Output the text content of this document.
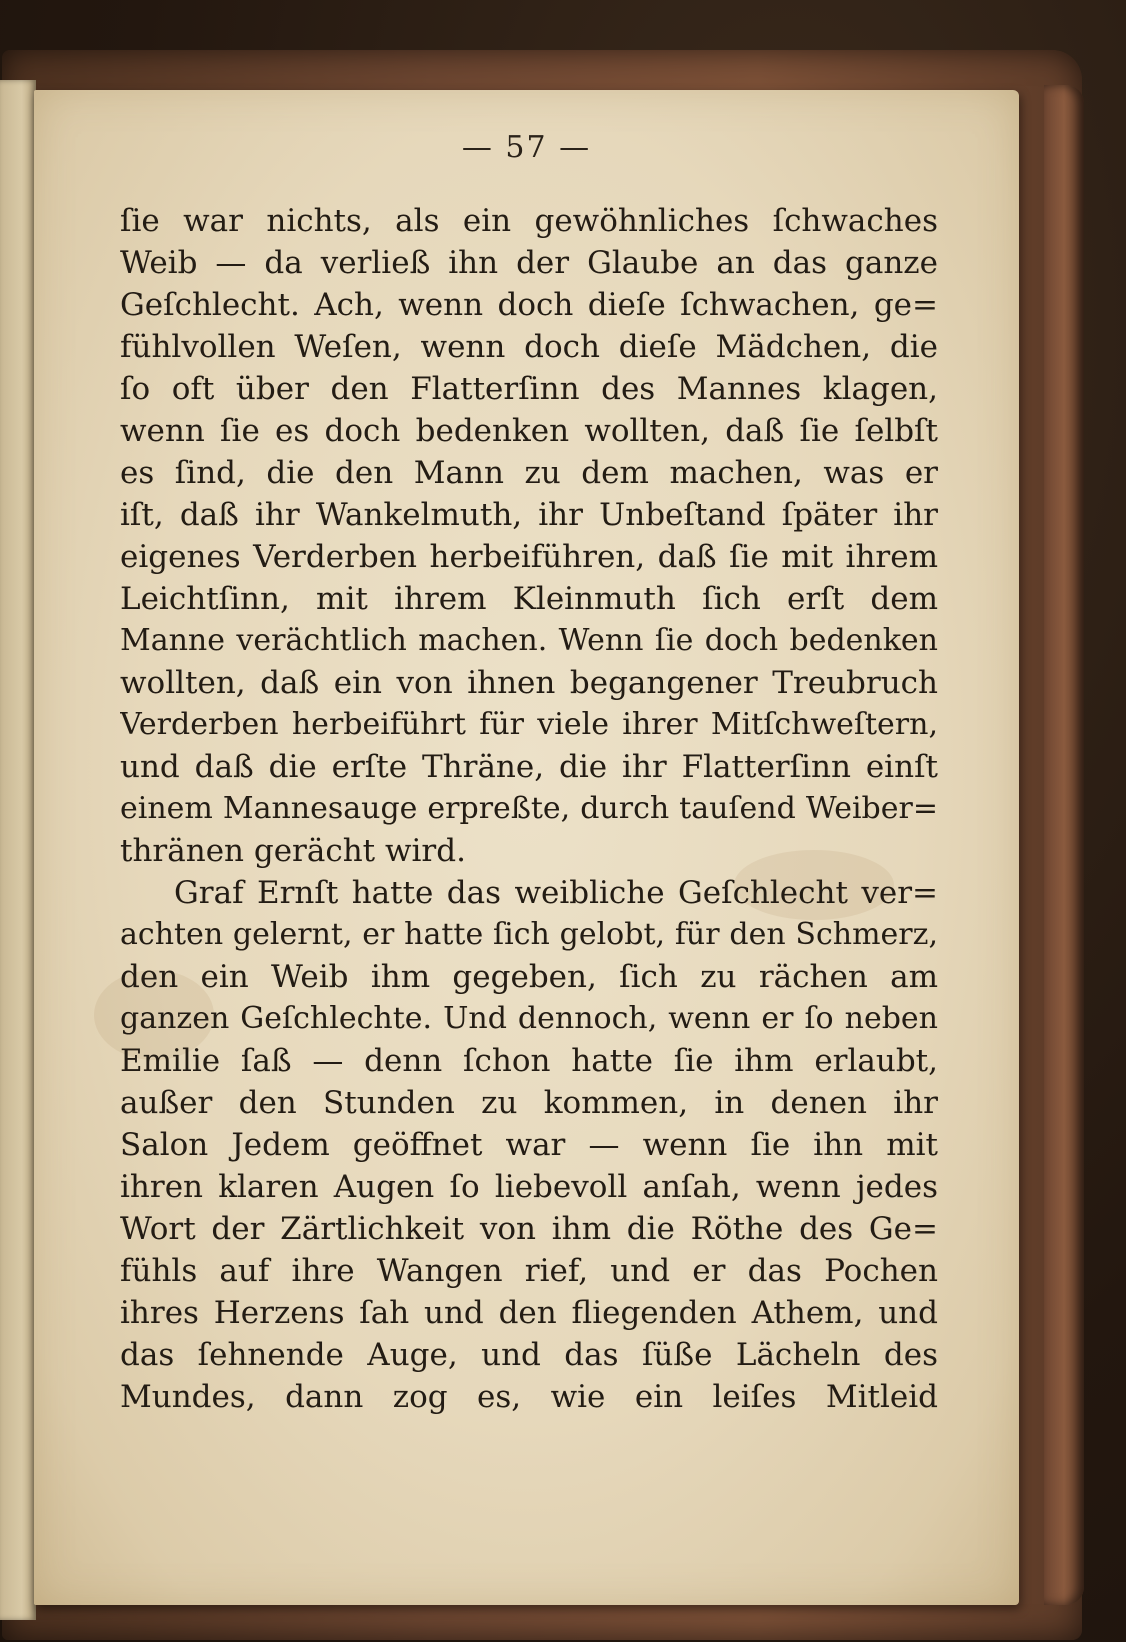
— 57 —
ſie war nichts, als ein gewöhnliches ſchwaches
Weib — da verließ ihn der Glaube an das ganze
Geſchlecht. Ach, wenn doch dieſe ſchwachen, ge=
fühlvollen Weſen, wenn doch dieſe Mädchen, die
ſo oft über den Flatterſinn des Mannes klagen,
wenn ſie es doch bedenken wollten, daß ſie ſelbſt
es ſind, die den Mann zu dem machen, was er
iſt, daß ihr Wankelmuth, ihr Unbeſtand ſpäter ihr
eigenes Verderben herbeiführen, daß ſie mit ihrem
Leichtſinn, mit ihrem Kleinmuth ſich erſt dem
Manne verächtlich machen. Wenn ſie doch bedenken
wollten, daß ein von ihnen begangener Treubruch
Verderben herbeiführt für viele ihrer Mitſchweſtern,
und daß die erſte Thräne, die ihr Flatterſinn einſt
einem Mannesauge erpreßte, durch tauſend Weiber=
thränen gerächt wird.
Graf Ernſt hatte das weibliche Geſchlecht ver=
achten gelernt, er hatte ſich gelobt, für den Schmerz,
den ein Weib ihm gegeben, ſich zu rächen am
ganzen Geſchlechte. Und dennoch, wenn er ſo neben
Emilie ſaß — denn ſchon hatte ſie ihm erlaubt,
außer den Stunden zu kommen, in denen ihr
Salon Jedem geöffnet war — wenn ſie ihn mit
ihren klaren Augen ſo liebevoll anſah, wenn jedes
Wort der Zärtlichkeit von ihm die Röthe des Ge=
fühls auf ihre Wangen rief, und er das Pochen
ihres Herzens ſah und den fliegenden Athem, und
das ſehnende Auge, und das ſüße Lächeln des
Mundes, dann zog es, wie ein leiſes Mitleid
